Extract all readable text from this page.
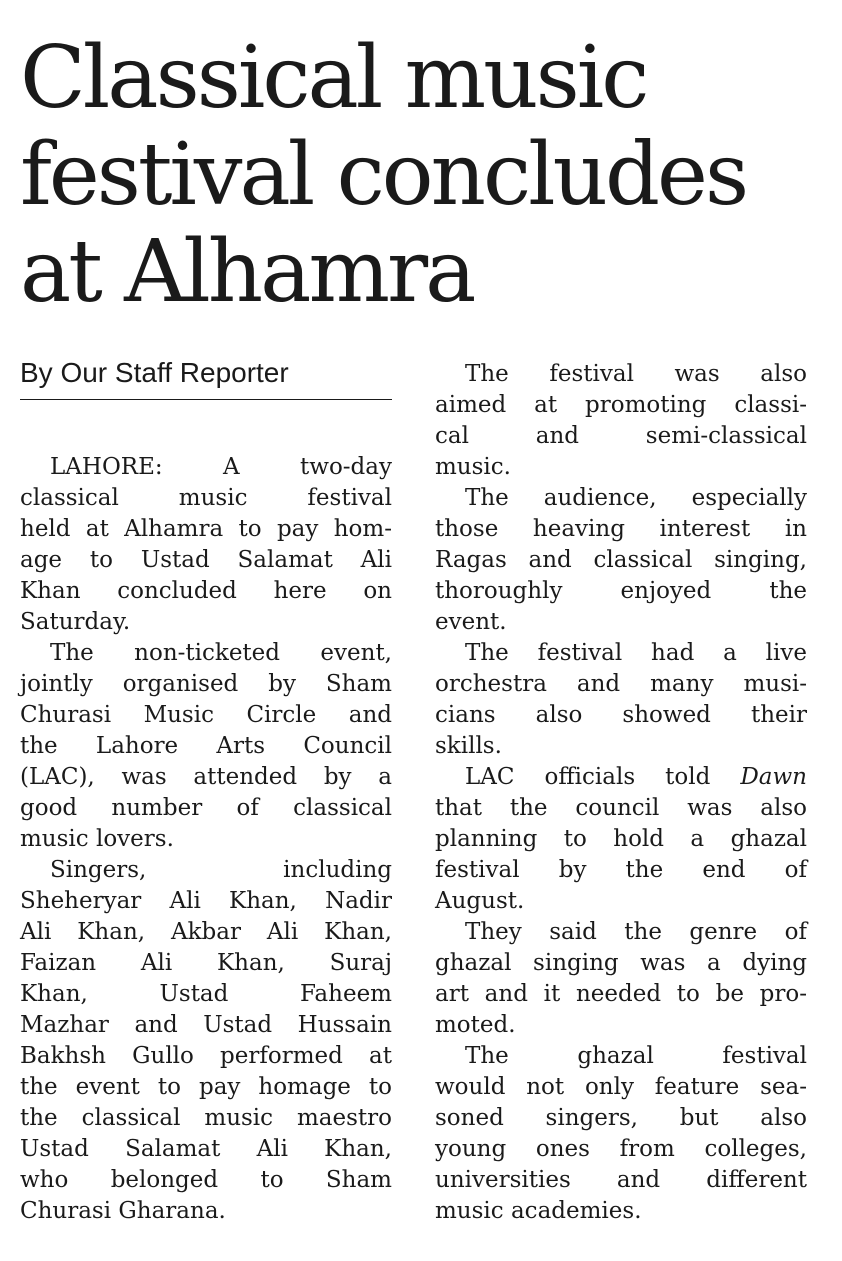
Classical music
festival concludes
at Alhamra
By Our Staff Reporter
LAHORE: A two-day
classical music festival
held at Alhamra to pay hom-
age to Ustad Salamat Ali
Khan concluded here on
Saturday.
The non-ticketed event,
jointly organised by Sham
Churasi Music Circle and
the Lahore Arts Council
(LAC), was attended by a
good number of classical
music lovers.
Singers, including
Sheheryar Ali Khan, Nadir
Ali Khan, Akbar Ali Khan,
Faizan Ali Khan, Suraj
Khan, Ustad Faheem
Mazhar and Ustad Hussain
Bakhsh Gullo performed at
the event to pay homage to
the classical music maestro
Ustad Salamat Ali Khan,
who belonged to Sham
Churasi Gharana.
The festival was also
aimed at promoting classi-
cal and semi-classical
music.
The audience, especially
those heaving interest in
Ragas and classical singing,
thoroughly enjoyed the
event.
The festival had a live
orchestra and many musi-
cians also showed their
skills.
LAC officials told Dawn
that the council was also
planning to hold a ghazal
festival by the end of
August.
They said the genre of
ghazal singing was a dying
art and it needed to be pro-
moted.
The ghazal festival
would not only feature sea-
soned singers, but also
young ones from colleges,
universities and different
music academies.
